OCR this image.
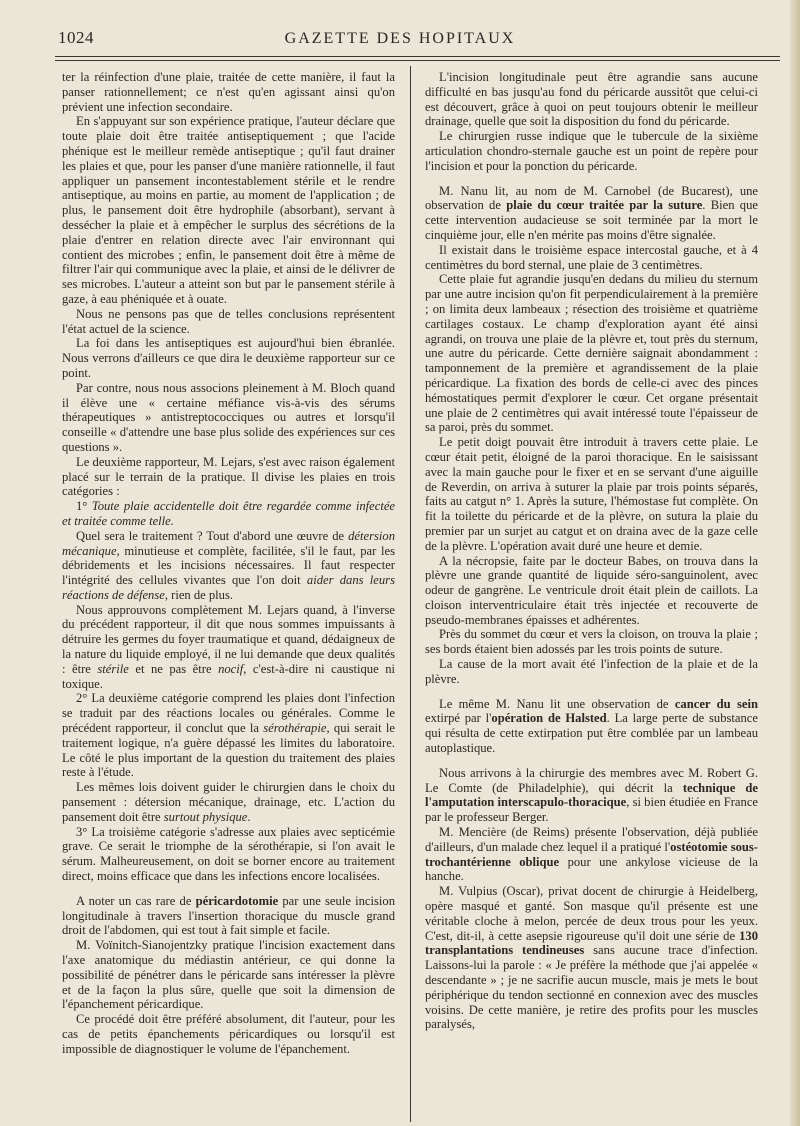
1024	GAZETTE DES HOPITAUX

ter la réinfection d'une plaie, traitée de cette manière, il faut la panser rationnellement; ce n'est qu'en agissant ainsi qu'on prévient une infection secondaire.

En s'appuyant sur son expérience pratique, l'auteur déclare que toute plaie doit être traitée antiseptiquement ; que l'acide phénique est le meilleur remède antiseptique ; qu'il faut drainer les plaies et que, pour les panser d'une manière rationnelle, il faut appliquer un pansement incontestablement stérile et le rendre antiseptique, au moins en partie, au moment de l'application ; de plus, le pansement doit être hydrophile (absorbant), servant à dessécher la plaie et à empêcher le surplus des sécrétions de la plaie d'entrer en relation directe avec l'air environnant qui contient des microbes ; enfin, le pansement doit être à même de filtrer l'air qui communique avec la plaie, et ainsi de le délivrer de ses microbes. L'auteur a atteint son but par le pansement stérile à gaze, à eau phéniquée et à ouate.

Nous ne pensons pas que de telles conclusions représentent l'état actuel de la science.

La foi dans les antiseptiques est aujourd'hui bien ébranlée. Nous verrons d'ailleurs ce que dira le deuxième rapporteur sur ce point.

Par contre, nous nous associons pleinement à M. Bloch quand il élève une « certaine méfiance vis-à-vis des sérums thérapeutiques » antistreptococciques ou autres et lorsqu'il conseille « d'attendre une base plus solide des expériences sur ces questions ».

Le deuxième rapporteur, M. Lejars, s'est avec raison également placé sur le terrain de la pratique. Il divise les plaies en trois catégories :

1° Toute plaie accidentelle doit être regardée comme infectée et traitée comme telle.

Quel sera le traitement ? Tout d'abord une œuvre de détersion mécanique, minutieuse et complète, facilitée, s'il le faut, par les débridements et les incisions nécessaires. Il faut respecter l'intégrité des cellules vivantes que l'on doit aider dans leurs réactions de défense, rien de plus.

Nous approuvons complètement M. Lejars quand, à l'inverse du précédent rapporteur, il dit que nous sommes impuissants à détruire les germes du foyer traumatique et quand, dédaigneux de la nature du liquide employé, il ne lui demande que deux qualités : être stérile et ne pas être nocif, c'est-à-dire ni caustique ni toxique.

2° La deuxième catégorie comprend les plaies dont l'infection se traduit par des réactions locales ou générales. Comme le précédent rapporteur, il conclut que la sérothérapie, qui serait le traitement logique, n'a guère dépassé les limites du laboratoire. Le côté le plus important de la question du traitement des plaies reste à l'étude.

Les mêmes lois doivent guider le chirurgien dans le choix du pansement : détersion mécanique, drainage, etc. L'action du pansement doit être surtout physique.

3° La troisième catégorie s'adresse aux plaies avec septicémie grave. Ce serait le triomphe de la sérothérapie, si l'on avait le sérum. Malheureusement, on doit se borner encore au traitement direct, moins efficace que dans les infections encore localisées.

A noter un cas rare de péricardotomie par une seule incision longitudinale à travers l'insertion thoracique du muscle grand droit de l'abdomen, qui est tout à fait simple et facile.

M. Voïnitch-Sianojentzky pratique l'incision exactement dans l'axe anatomique du médiastin antérieur, ce qui donne la possibilité de pénétrer dans le péricarde sans intéresser la plèvre et de la façon la plus sûre, quelle que soit la dimension de l'épanchement péricardique.

Ce procédé doit être préféré absolument, dit l'auteur, pour les cas de petits épanchements péricardiques ou lorsqu'il est impossible de diagnostiquer le volume de l'épanchement.

L'incision longitudinale peut être agrandie sans aucune difficulté en bas jusqu'au fond du péricarde aussitôt que celui-ci est découvert, grâce à quoi on peut toujours obtenir le meilleur drainage, quelle que soit la disposition du fond du péricarde.

Le chirurgien russe indique que le tubercule de la sixième articulation chondro-sternale gauche est un point de repère pour l'incision et pour la ponction du péricarde.

M. Nanu lit, au nom de M. Carnobel (de Bucarest), une observation de plaie du cœur traitée par la suture. Bien que cette intervention audacieuse se soit terminée par la mort le cinquième jour, elle n'en mérite pas moins d'être signalée.

Il existait dans le troisième espace intercostal gauche, et à 4 centimètres du bord sternal, une plaie de 3 centimètres.

Cette plaie fut agrandie jusqu'en dedans du milieu du sternum par une autre incision qu'on fit perpendiculairement à la première ; on limita deux lambeaux ; résection des troisième et quatrième cartilages costaux. Le champ d'exploration ayant été ainsi agrandi, on trouva une plaie de la plèvre et, tout près du sternum, une autre du péricarde. Cette dernière saignait abondamment : tamponnement de la première et agrandissement de la plaie péricardique. La fixation des bords de celle-ci avec des pinces hémostatiques permit d'explorer le cœur. Cet organe présentait une plaie de 2 centimètres qui avait intéressé toute l'épaisseur de sa paroi, près du sommet.

Le petit doigt pouvait être introduit à travers cette plaie. Le cœur était petit, éloigné de la paroi thoracique. En le saisissant avec la main gauche pour le fixer et en se servant d'une aiguille de Reverdin, on arriva à suturer la plaie par trois points séparés, faits au catgut n° 1. Après la suture, l'hémostase fut complète. On fit la toilette du péricarde et de la plèvre, on sutura la plaie du premier par un surjet au catgut et on draina avec de la gaze celle de la plèvre. L'opération avait duré une heure et demie.

A la nécropsie, faite par le docteur Babes, on trouva dans la plèvre une grande quantité de liquide séro-sanguinolent, avec odeur de gangrène. Le ventricule droit était plein de caillots. La cloison interventriculaire était très injectée et recouverte de pseudo-membranes épaisses et adhérentes.

Près du sommet du cœur et vers la cloison, on trouva la plaie ; ses bords étaient bien adossés par les trois points de suture.

La cause de la mort avait été l'infection de la plaie et de la plèvre.

Le même M. Nanu lit une observation de cancer du sein extirpé par l'opération de Halsted. La large perte de substance qui résulta de cette extirpation put être comblée par un lambeau autoplastique.

Nous arrivons à la chirurgie des membres avec M. Robert G. Le Comte (de Philadelphie), qui décrit la technique de l'amputation interscapulo-thoracique, si bien étudiée en France par le professeur Berger.

M. Mencière (de Reims) présente l'observation, déjà publiée d'ailleurs, d'un malade chez lequel il a pratiqué l'ostéotomie sous-trochantérienne oblique pour une ankylose vicieuse de la hanche.

M. Vulpius (Oscar), privat docent de chirurgie à Heidelberg, opère masqué et ganté. Son masque qu'il présente est une véritable cloche à melon, percée de deux trous pour les yeux. C'est, dit-il, à cette asepsie rigoureuse qu'il doit une série de 130 transplantations tendineuses sans aucune trace d'infection. Laissons-lui la parole : « Je préfère la méthode que j'ai appelée « descendante » ; je ne sacrifie aucun muscle, mais je mets le bout périphérique du tendon sectionné en connexion avec des muscles voisins. De cette manière, je retire des profits pour les muscles paralysés,
